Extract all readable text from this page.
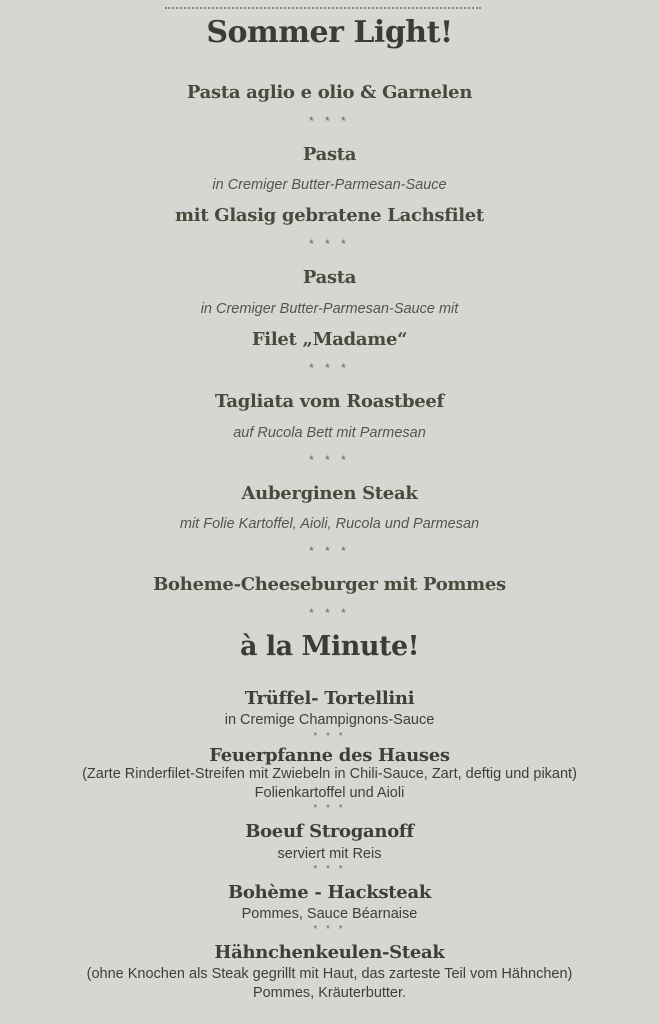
Sommer Light!
Pasta aglio e olio & Garnelen
* * *
Pasta
in Cremiger Butter-Parmesan-Sauce
mit Glasig gebratene Lachsfilet
* * *
Pasta
in Cremiger Butter-Parmesan-Sauce mit
Filet „Madame“
* * *
Tagliata vom Roastbeef
auf Rucola Bett mit Parmesan
* * *
Auberginen Steak
mit Folie Kartoffel, Aioli, Rucola und Parmesan
* * *
Boheme-Cheeseburger mit Pommes
* * *
à la Minute!
Trüffel- Tortellini
in Cremige Champignons-Sauce
* * *
Feuerpfanne des Hauses
(Zarte Rinderfilet-Streifen mit Zwiebeln in Chili-Sauce, Zart, deftig und pikant)
Folienkartoffel und Aioli
* * *
Boeuf Stroganoff
serviert mit Reis
* * *
Bohème - Hacksteak
Pommes, Sauce Béarnaise
* * *
Hähnchenkeulen-Steak
(ohne Knochen als Steak gegrillt mit Haut, das zarteste Teil vom Hähnchen)
Pommes, Kräuterbutter.
